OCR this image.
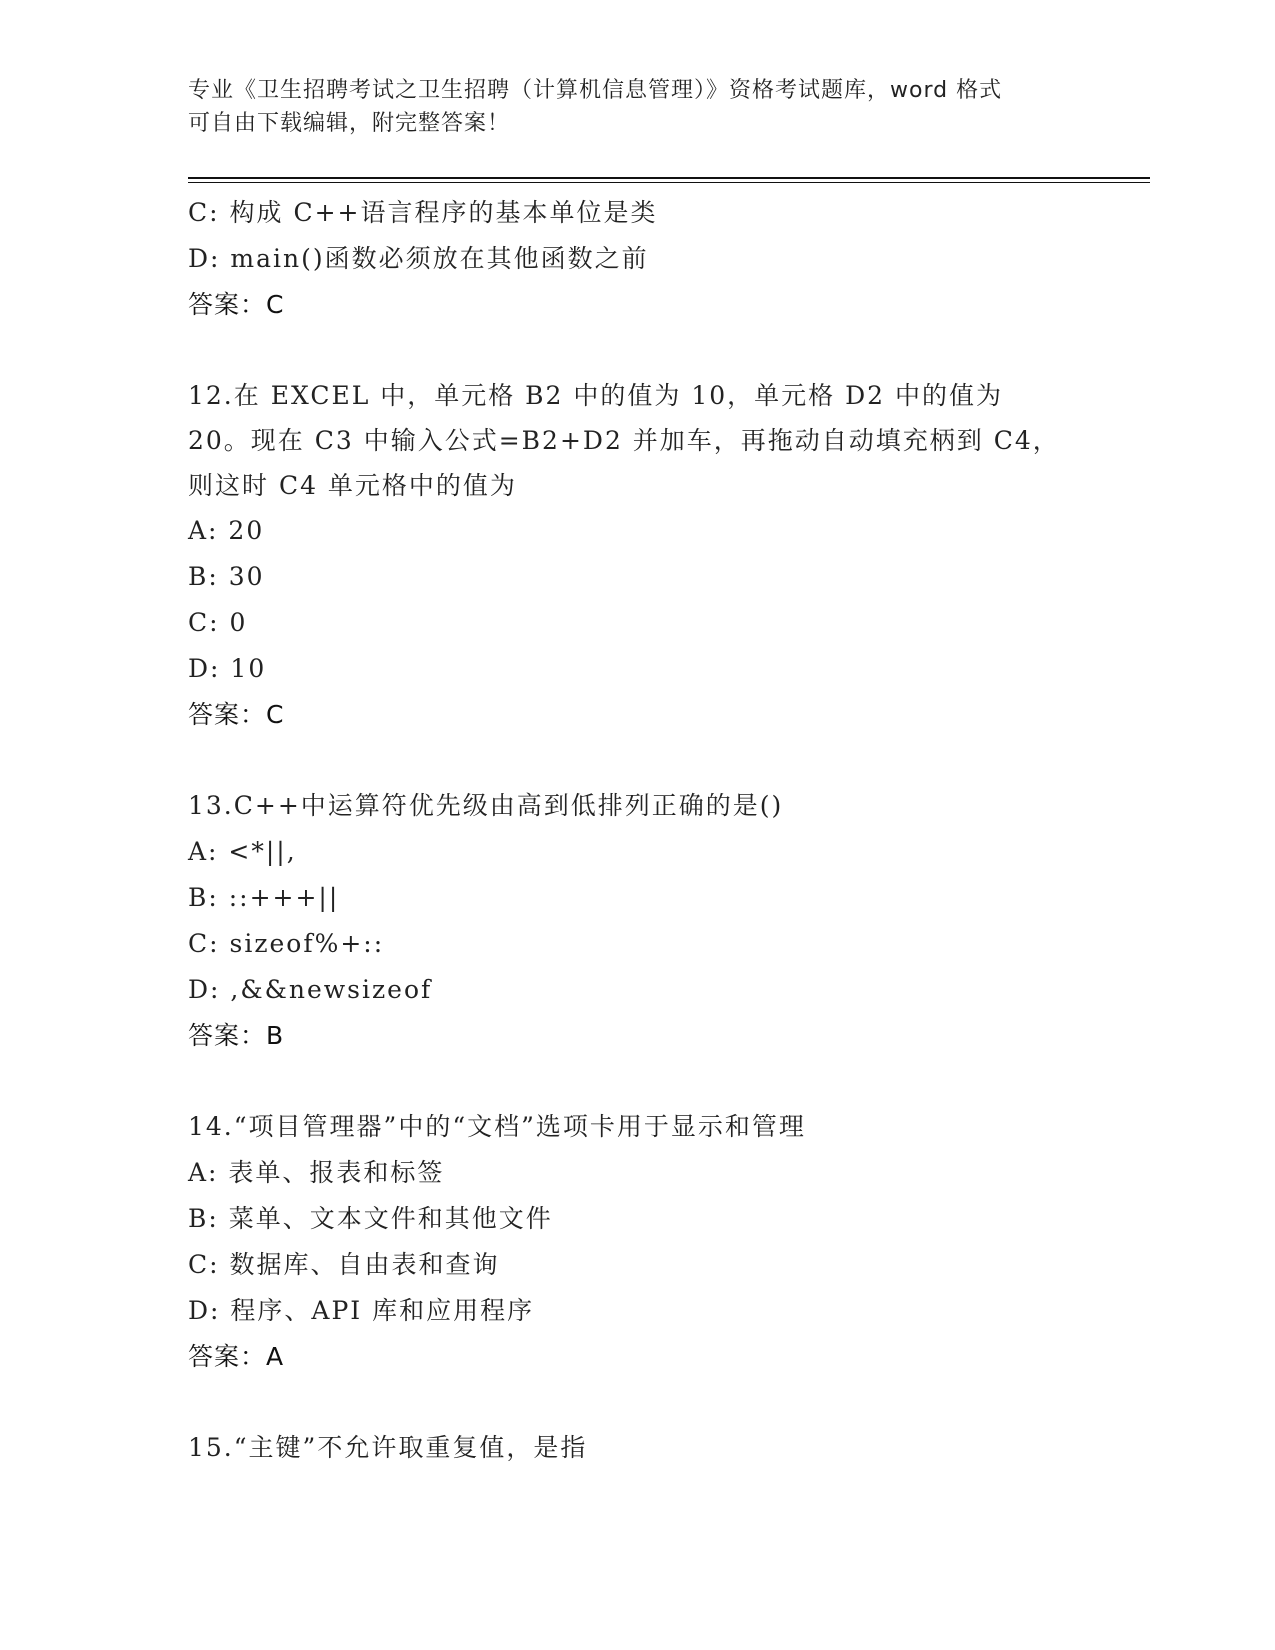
专业《卫生招聘考试之卫生招聘（计算机信息管理）》资格考试题库，word 格式
可自由下载编辑，附完整答案！
C: 构成 C++语言程序的基本单位是类
D: main()函数必须放在其他函数之前
答案：C
12.在 EXCEL 中，单元格 B2 中的值为 10，单元格 D2 中的值为 20。现在 C3 中输入公式=B2+D2 并加车，再拖动自动填充柄到 C4，则这时 C4 单元格中的值为
A: 20
B: 30
C: 0
D: 10
答案：C
13.C++中运算符优先级由高到低排列正确的是()
A: <*||,
B: ::+++||
C: sizeof%+::
D: ,&&newsizeof
答案：B
14.“项目管理器”中的“文档”选项卡用于显示和管理
A: 表单、报表和标签
B: 菜单、文本文件和其他文件
C: 数据库、自由表和查询
D: 程序、API 库和应用程序
答案：A
15.“主键”不允许取重复值，是指
